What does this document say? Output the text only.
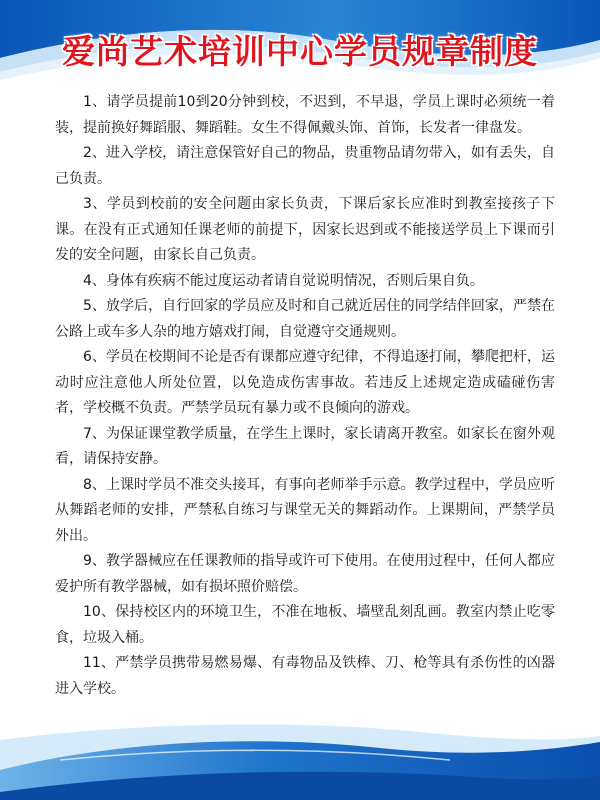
爱尚艺术培训中心学员规章制度

1、请学员提前10到20分钟到校，不迟到，不早退，学员上课时必须统一着装，提前换好舞蹈服、舞蹈鞋。女生不得佩戴头饰、首饰，长发者一律盘发。

2、进入学校，请注意保管好自己的物品，贵重物品请勿带入，如有丢失，自己负责。

3、学员到校前的安全问题由家长负责，下课后家长应准时到教室接孩子下课。在没有正式通知任课老师的前提下，因家长迟到或不能接送学员上下课而引发的安全问题，由家长自己负责。

4、身体有疾病不能过度运动者请自觉说明情况，否则后果自负。

5、放学后，自行回家的学员应及时和自己就近居住的同学结伴回家，严禁在公路上或车多人杂的地方嬉戏打闹，自觉遵守交通规则。

6、学员在校期间不论是否有课都应遵守纪律，不得追逐打闹，攀爬把杆，运动时应注意他人所处位置，以免造成伤害事故。若违反上述规定造成磕碰伤害者，学校概不负责。严禁学员玩有暴力或不良倾向的游戏。

7、为保证课堂教学质量，在学生上课时，家长请离开教室。如家长在窗外观看，请保持安静。

8、上课时学员不准交头接耳，有事向老师举手示意。教学过程中，学员应听从舞蹈老师的安排，严禁私自练习与课堂无关的舞蹈动作。上课期间，严禁学员外出。

9、教学器械应在任课教师的指导或许可下使用。在使用过程中，任何人都应爱护所有教学器械，如有损坏照价赔偿。

10、保持校区内的环境卫生，不准在地板、墙壁乱刻乱画。教室内禁止吃零食，垃圾入桶。

11、严禁学员携带易燃易爆、有毒物品及铁棒、刀、枪等具有杀伤性的凶器进入学校。
